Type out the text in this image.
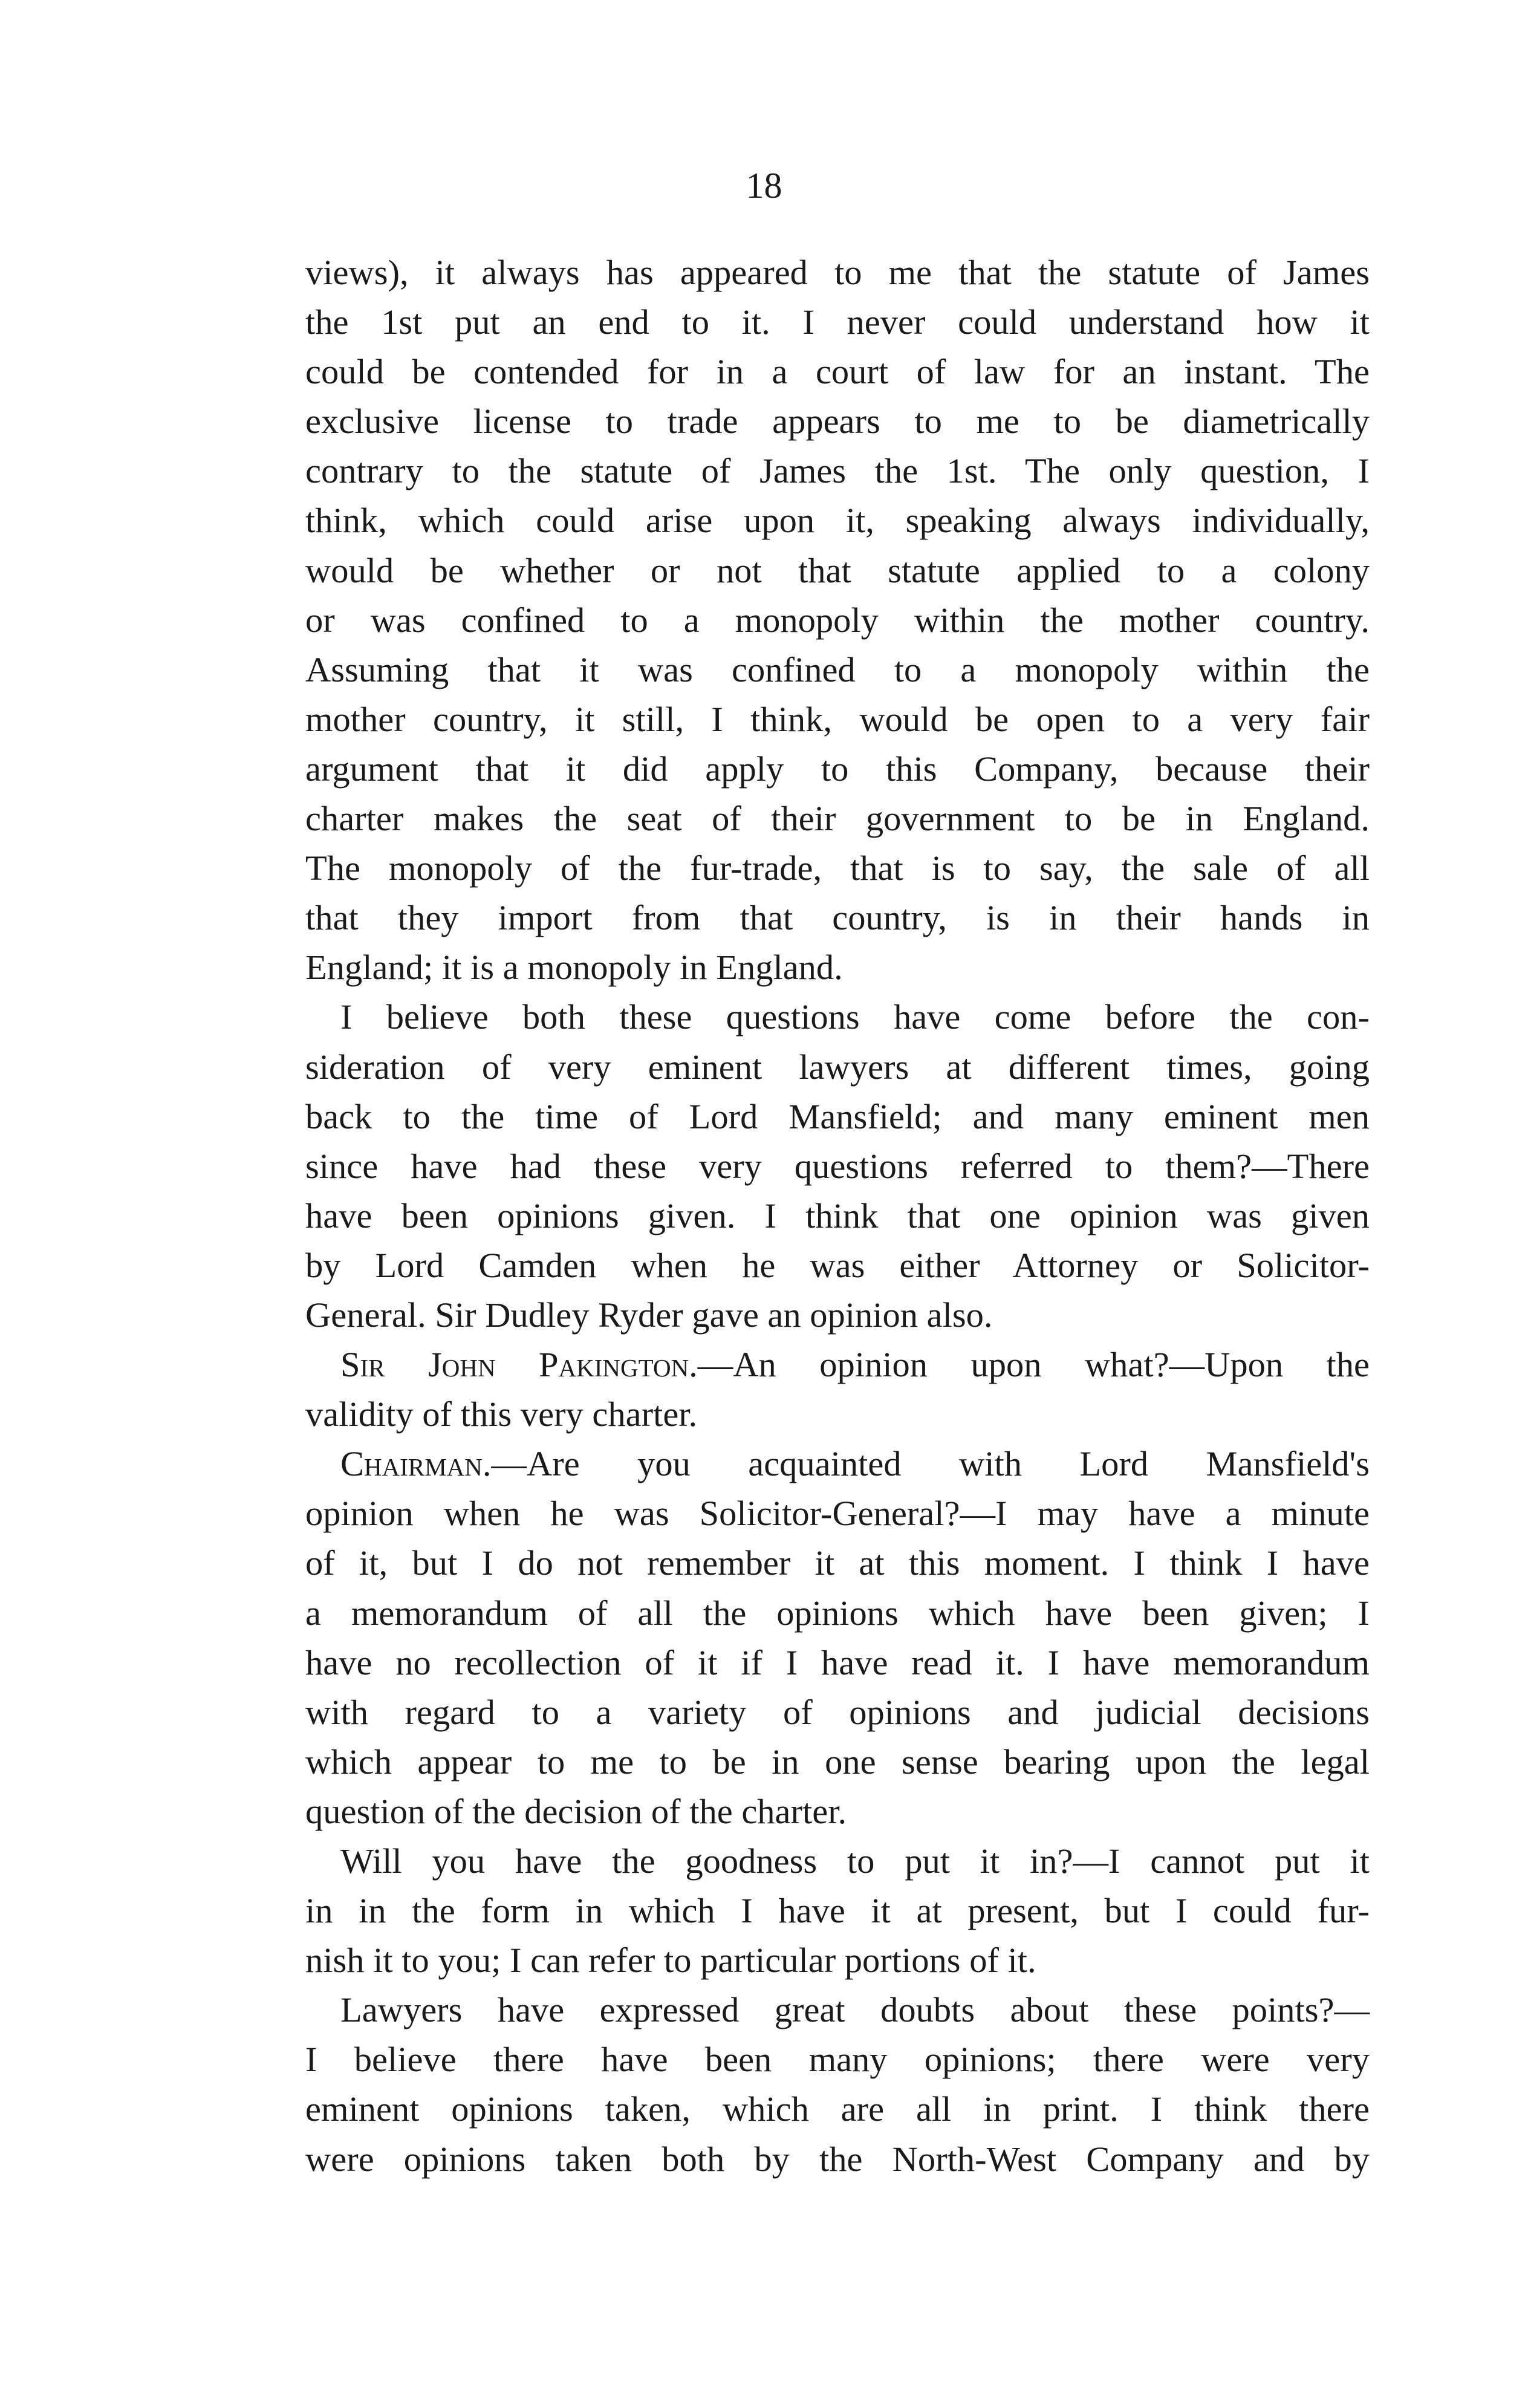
18

views), it always has appeared to me that the statute of James

the 1st put an end to it. I never could understand how it

could be contended for in a court of law for an instant. The

exclusive license to trade appears to me to be diametrically

contrary to the statute of James the 1st. The only question, I

think, which could arise upon it, speaking always individually,

would be whether or not that statute applied to a colony

or was confined to a monopoly within the mother country.

Assuming that it was confined to a monopoly within the

mother country, it still, I think, would be open to a very fair

argument that it did apply to this Company, because their

charter makes the seat of their government to be in England.

The monopoly of the fur-trade, that is to say, the sale of all

that they import from that country, is in their hands in

England; it is a monopoly in England.

I believe both these questions have come before the con-

sideration of very eminent lawyers at different times, going

back to the time of Lord Mansfield; and many eminent men

since have had these very questions referred to them?—There

have been opinions given. I think that one opinion was given

by Lord Camden when he was either Attorney or Solicitor-

General. Sir Dudley Ryder gave an opinion also.

Sir John Pakington.—An opinion upon what?—Upon the

validity of this very charter.

Chairman.—Are you acquainted with Lord Mansfield's

opinion when he was Solicitor-General?—I may have a minute

of it, but I do not remember it at this moment. I think I have

a memorandum of all the opinions which have been given; I

have no recollection of it if I have read it. I have memorandum

with regard to a variety of opinions and judicial decisions

which appear to me to be in one sense bearing upon the legal

question of the decision of the charter.

Will you have the goodness to put it in?—I cannot put it

in in the form in which I have it at present, but I could fur-

nish it to you; I can refer to particular portions of it.

Lawyers have expressed great doubts about these points?—

I believe there have been many opinions; there were very

eminent opinions taken, which are all in print. I think there

were opinions taken both by the North-West Company and by
